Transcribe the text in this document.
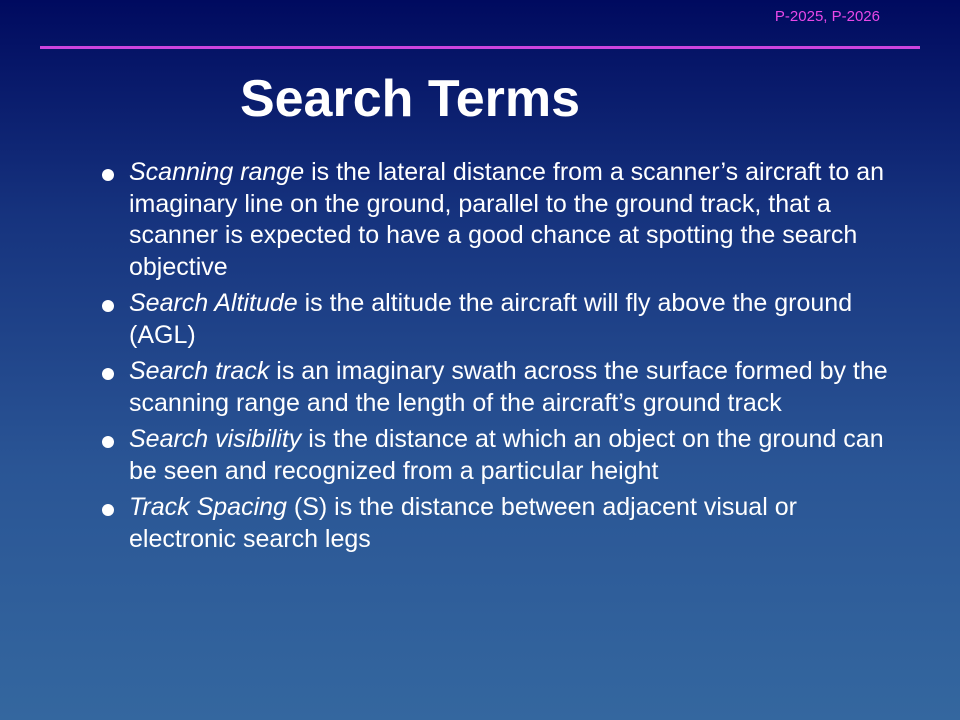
P-2025, P-2026
Search Terms
Scanning range is the lateral distance from a scanner’s aircraft to an imaginary line on the ground, parallel to the ground track, that a scanner is expected to have a good chance at spotting the search objective
Search Altitude is the altitude the aircraft will fly above the ground (AGL)
Search track is an imaginary swath across the surface formed by the scanning range and the length of the aircraft’s ground track
Search visibility is the distance at which an object on the ground can be seen and recognized from a particular height
Track Spacing (S) is the distance between adjacent visual or electronic search legs
